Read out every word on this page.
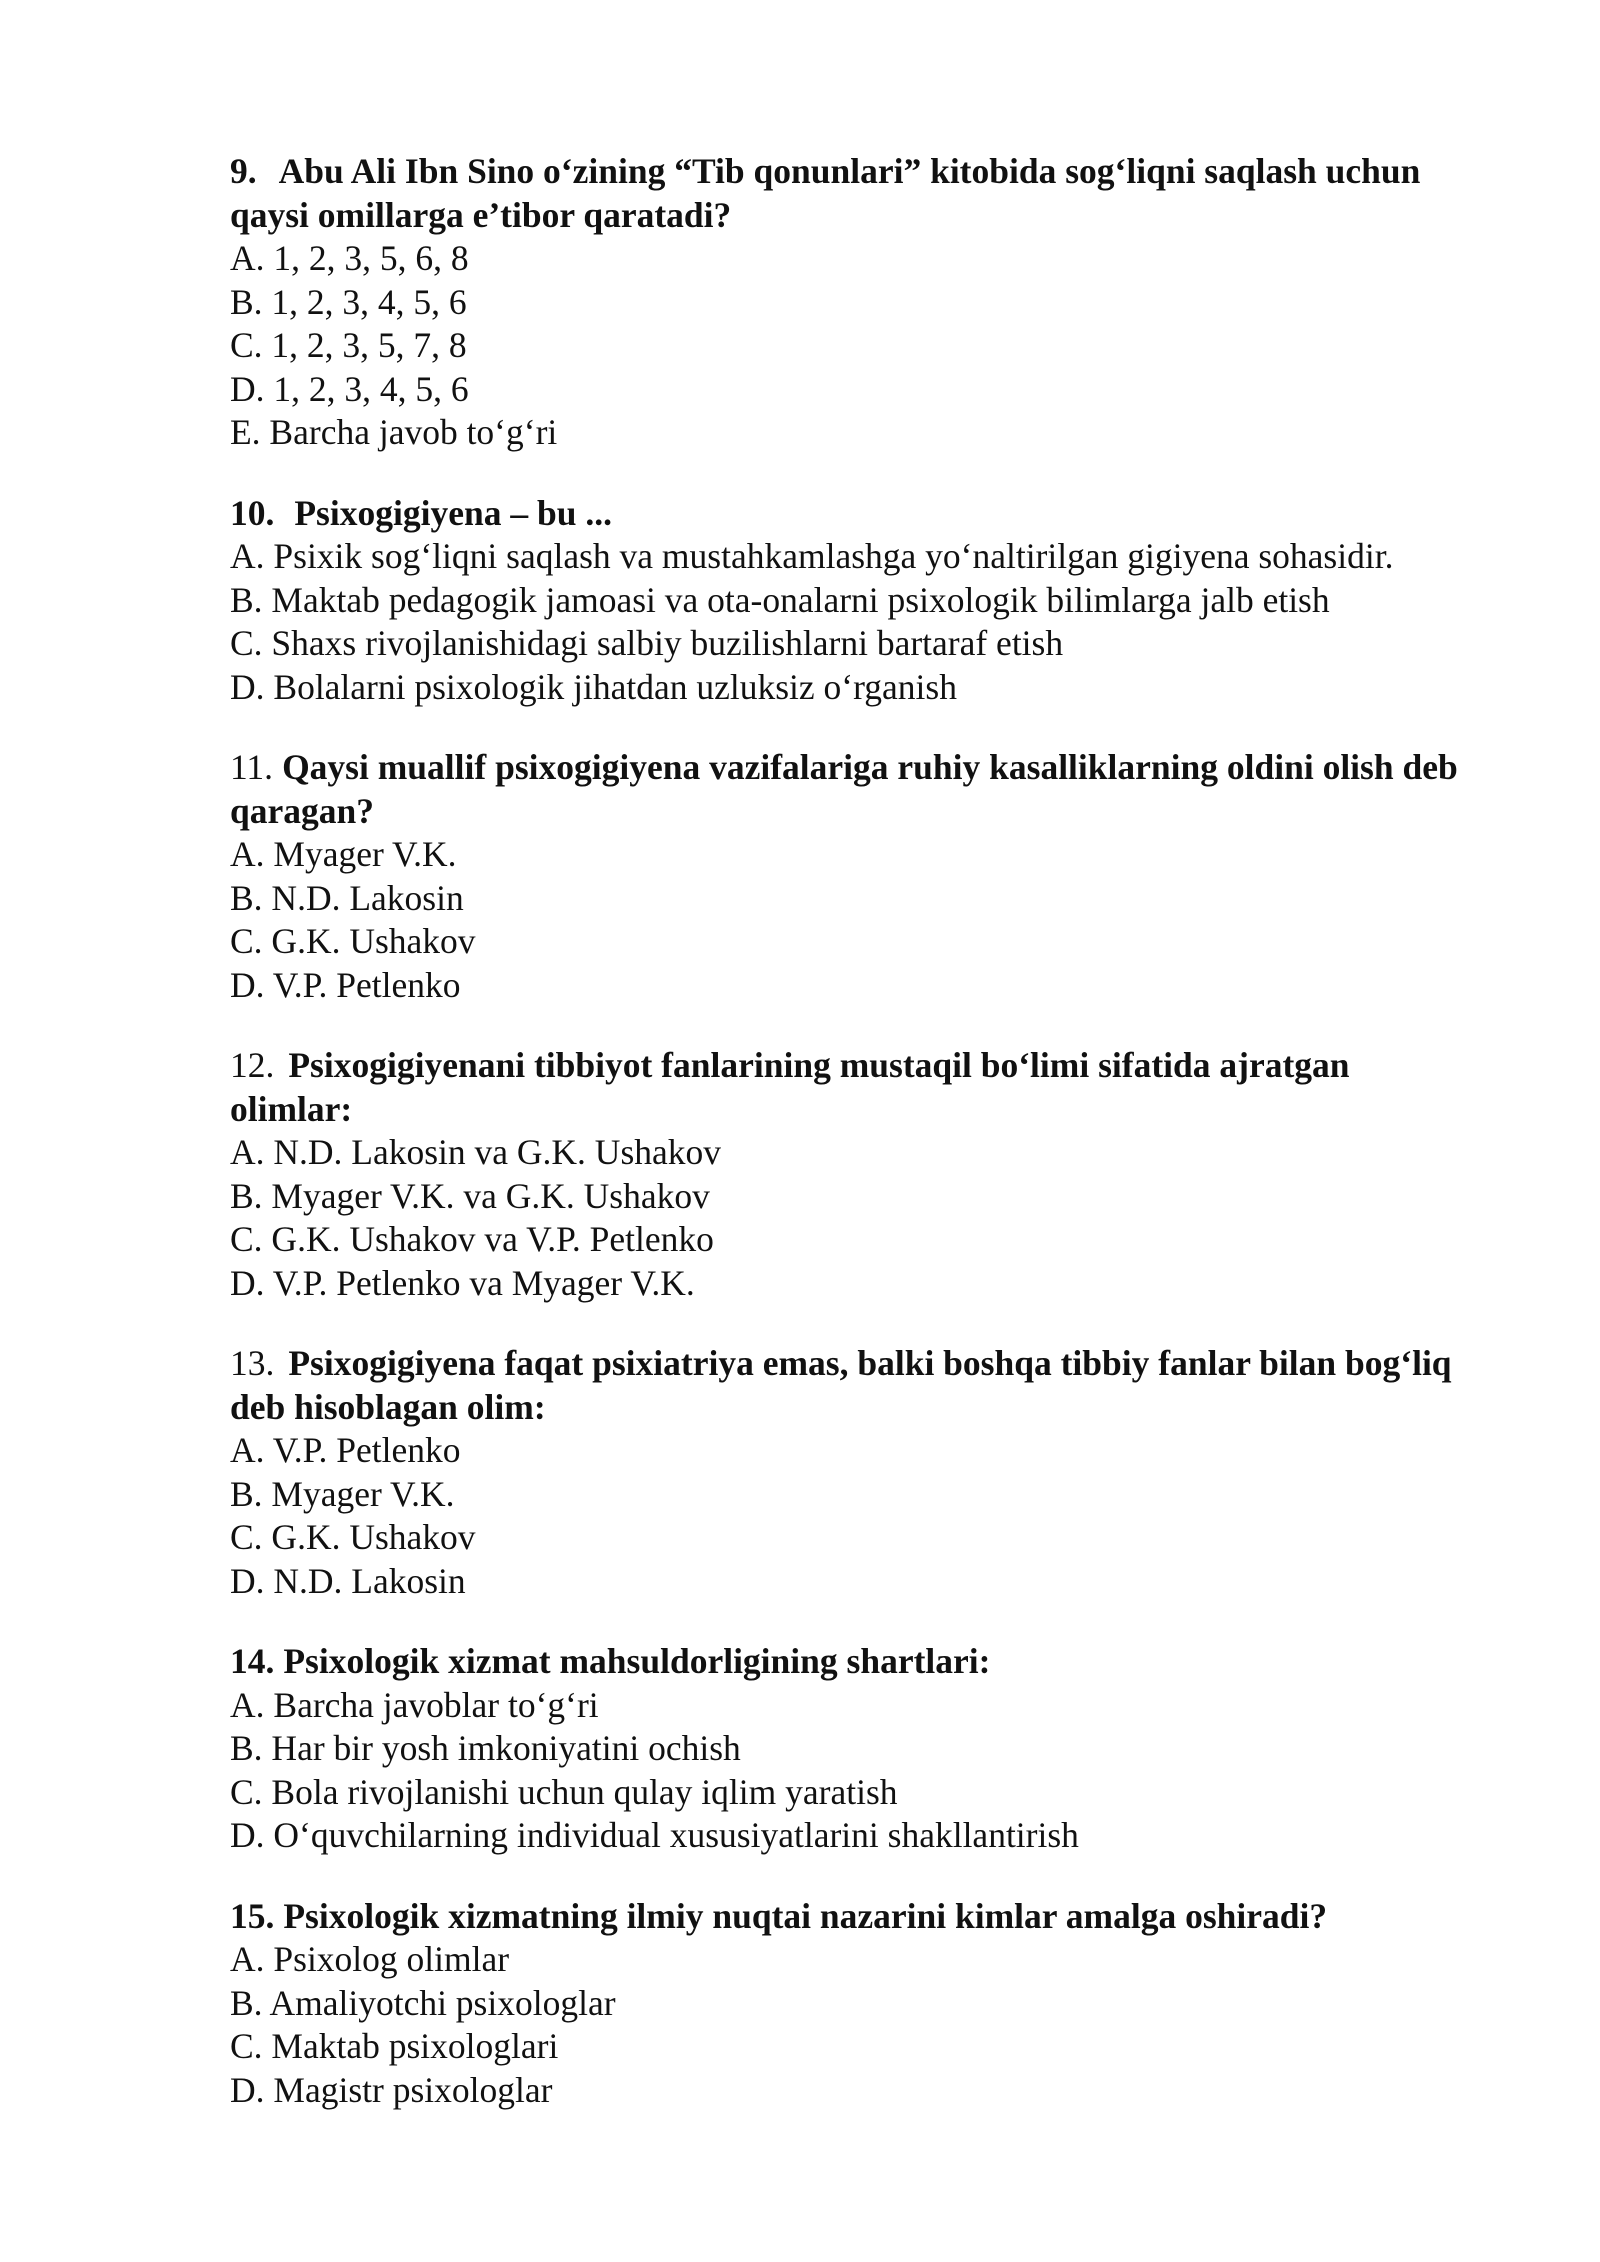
9. Abu Ali Ibn Sino o‘zining “Tib qonunlari” kitobida sog‘liqni saqlash uchun qaysi omillarga e’tibor qaratadi?
A. 1, 2, 3, 5, 6, 8
B. 1, 2, 3, 4, 5, 6
C. 1, 2, 3, 5, 7, 8
D. 1, 2, 3, 4, 5, 6
E. Barcha javob to‘g‘ri
10. Psixogigiyena – bu ...
A. Psixik sog‘liqni saqlash va mustahkamlashga yo‘naltirilgan gigiyena sohasidir.
B. Maktab pedagogik jamoasi va ota-onalarni psixologik bilimlarga jalb etish
C. Shaxs rivojlanishidagi salbiy buzilishlarni bartaraf etish
D. Bolalarni psixologik jihatdan uzluksiz o‘rganish
11. Qaysi muallif psixogigiyena vazifalariga ruhiy kasalliklarning oldini olish deb qaragan?
A. Myager V.K.
B. N.D. Lakosin
C. G.K. Ushakov
D. V.P. Petlenko
12. Psixogigiyenani tibbiyot fanlarining mustaqil bo‘limi sifatida ajratgan olimlar:
A. N.D. Lakosin va G.K. Ushakov
B. Myager V.K. va G.K. Ushakov
C. G.K. Ushakov va V.P. Petlenko
D. V.P. Petlenko va Myager V.K.
13. Psixogigiyena faqat psixiatriya emas, balki boshqa tibbiy fanlar bilan bog‘liq deb hisoblagan olim:
A. V.P. Petlenko
B. Myager V.K.
C. G.K. Ushakov
D. N.D. Lakosin
14. Psixologik xizmat mahsuldorligining shartlari:
A. Barcha javoblar to‘g‘ri
B. Har bir yosh imkoniyatini ochish
C. Bola rivojlanishi uchun qulay iqlim yaratish
D. O‘quvchilarning individual xususiyatlarini shakllantirish
15. Psixologik xizmatning ilmiy nuqtai nazarini kimlar amalga oshiradi?
A. Psixolog olimlar
B. Amaliyotchi psixologlar
C. Maktab psixologlari
D. Magistr psixologlar
